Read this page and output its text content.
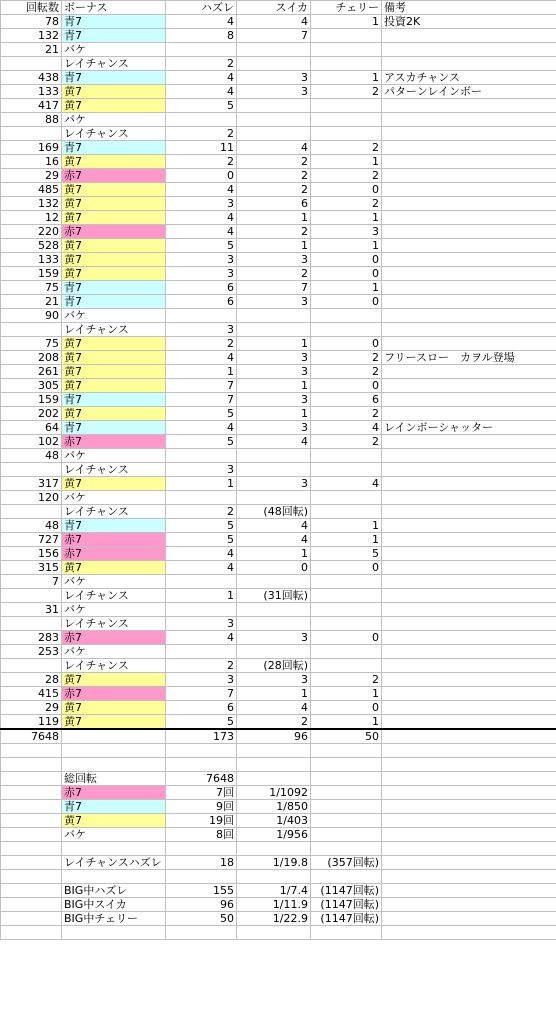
回転数	ボーナス	ハズレ	スイカ	チェリー	備考
78	青7	4	4	1	投資2K
132	青7	8	7		
21	バケ				
	レイチャンス	2			
438	青7	4	3	1	アスカチャンス
133	黄7	4	3	2	パターンレインボー
417	黄7	5			
88	バケ				
	レイチャンス	2			
169	青7	11	4	2	
16	黄7	2	2	1	
29	赤7	0	2	2	
485	黄7	4	2	0	
132	黄7	3	6	2	
12	黄7	4	1	1	
220	赤7	4	2	3	
528	黄7	5	1	1	
133	黄7	3	3	0	
159	黄7	3	2	0	
75	青7	6	7	1	
21	青7	6	3	0	
90	バケ				
	レイチャンス	3			
75	黄7	2	1	0	
208	黄7	4	3	2	フリースロー　カヲル登場
261	黄7	1	3	2	
305	黄7	7	1	0	
159	青7	7	3	6	
202	黄7	5	1	2	
64	青7	4	3	4	レインボーシャッター
102	赤7	5	4	2	
48	バケ				
	レイチャンス	3			
317	黄7	1	3	4	
120	バケ				
	レイチャンス	2	(48回転)		
48	青7	5	4	1	
727	赤7	5	4	1	
156	赤7	4	1	5	
315	黄7	4	0	0	
7	バケ				
	レイチャンス	1	(31回転)		
31	バケ				
	レイチャンス	3			
283	赤7	4	3	0	
253	バケ				
	レイチャンス	2	(28回転)		
28	黄7	3	3	2	
415	赤7	7	1	1	
29	黄7	6	4	0	
119	黄7	5	2	1	
7648		173	96	50	

	総回転	7648			
	赤7	7回	1/1092		
	青7	9回	1/850		
	黄7	19回	1/403		
	バケ	8回	1/956		

	レイチャンスハズレ	18	1/19.8	(357回転)	

	BIG中ハズレ	155	1/7.4	(1147回転)	
	BIG中スイカ	96	1/11.9	(1147回転)	
	BIG中チェリー	50	1/22.9	(1147回転)	
